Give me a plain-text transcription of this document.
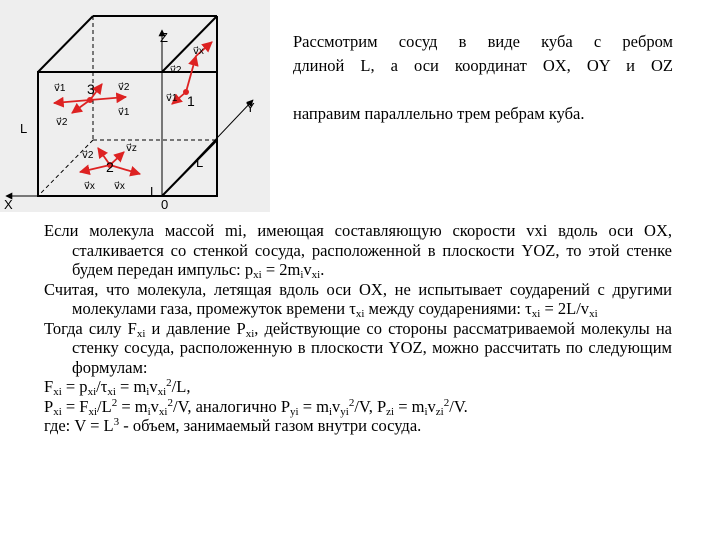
Z
Y
X	0
L
L
L
3
v⃗1	v⃗2
v⃗2
v⃗1
1
v⃗2
v⃗x
v⃗1
2
v⃗2
v⃗z
v⃗x v⃗x

Рассмотрим сосуд в виде куба с ребром

длиной L, а оси координат OX, OY и OZ

направим параллельно трем ребрам куба.

Если молекула массой mi, имеющая составляющую скорости vxi вдоль оси OX, сталкивается со стенкой сосуда, расположенной в плоскости YOZ, то этой стенке будем передан импульс: $p_{xi} = 2m_iv_{xi}$.

Считая, что молекула, летящая вдоль оси OX, не испытывает соударений с другими молекулами газа, промежуток времени $\tau_{xi}$ между соударениями: $\tau_{xi} = 2L/v_{xi}$

Тогда силу $F_{xi}$ и давление $P_{xi}$, действующие со стороны рассматриваемой молекулы на стенку сосуда, расположенную в плоскости YOZ, можно рассчитать по следующим формулам:

$F_{xi} = p_{xi}/\tau_{xi} = m_iv_{xi}^2/L$,

$P_{xi} = F_{xi}/L^2 = m_iv_{xi}^2/V$, аналогично $P_{yi} = m_iv_{yi}^2/V$, $P_{zi} = m_iv_{zi}^2/V$.

где: $V = L^3$ - объем, занимаемый газом внутри сосуда.
